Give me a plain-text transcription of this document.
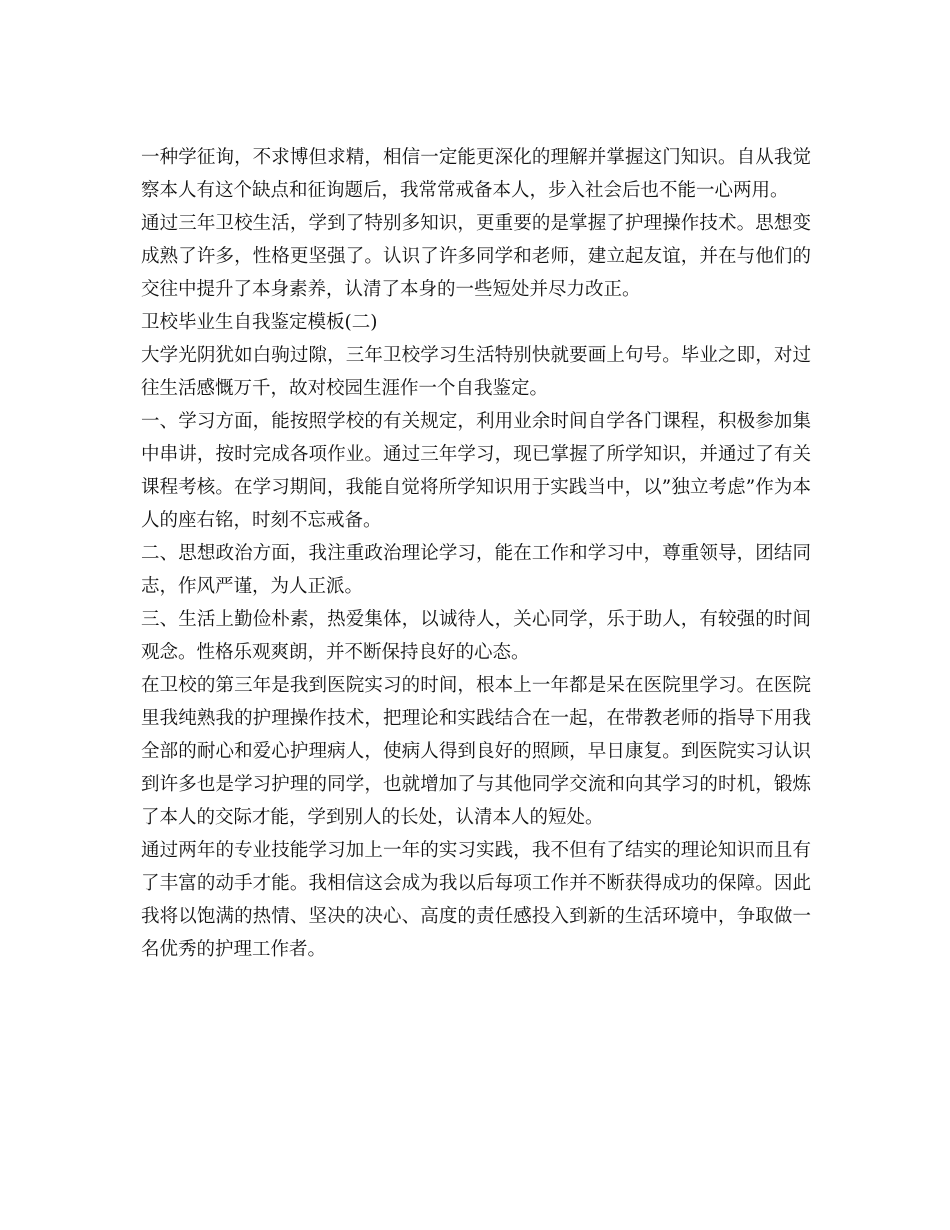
一种学征询，不求博但求精，相信一定能更深化的理解并掌握这门知识。自从我觉察本人有这个缺点和征询题后，我常常戒备本人，步入社会后也不能一心两用。

通过三年卫校生活，学到了特别多知识，更重要的是掌握了护理操作技术。思想变成熟了许多，性格更坚强了。认识了许多同学和老师，建立起友谊，并在与他们的交往中提升了本身素养，认清了本身的一些短处并尽力改正。

卫校毕业生自我鉴定模板(二)

大学光阴犹如白驹过隙，三年卫校学习生活特别快就要画上句号。毕业之即，对过往生活感慨万千，故对校园生涯作一个自我鉴定。

一、学习方面，能按照学校的有关规定，利用业余时间自学各门课程，积极参加集中串讲，按时完成各项作业。通过三年学习，现已掌握了所学知识，并通过了有关课程考核。在学习期间，我能自觉将所学知识用于实践当中，以”独立考虑”作为本人的座右铭，时刻不忘戒备。

二、思想政治方面，我注重政治理论学习，能在工作和学习中，尊重领导，团结同志，作风严谨，为人正派。

三、生活上勤俭朴素，热爱集体，以诚待人，关心同学，乐于助人，有较强的时间观念。性格乐观爽朗，并不断保持良好的心态。

在卫校的第三年是我到医院实习的时间，根本上一年都是呆在医院里学习。在医院里我纯熟我的护理操作技术，把理论和实践结合在一起，在带教老师的指导下用我全部的耐心和爱心护理病人，使病人得到良好的照顾，早日康复。到医院实习认识到许多也是学习护理的同学，也就增加了与其他同学交流和向其学习的时机，锻炼了本人的交际才能，学到别人的长处，认清本人的短处。

通过两年的专业技能学习加上一年的实习实践，我不但有了结实的理论知识而且有了丰富的动手才能。我相信这会成为我以后每项工作并不断获得成功的保障。因此我将以饱满的热情、坚决的决心、高度的责任感投入到新的生活环境中，争取做一名优秀的护理工作者。
